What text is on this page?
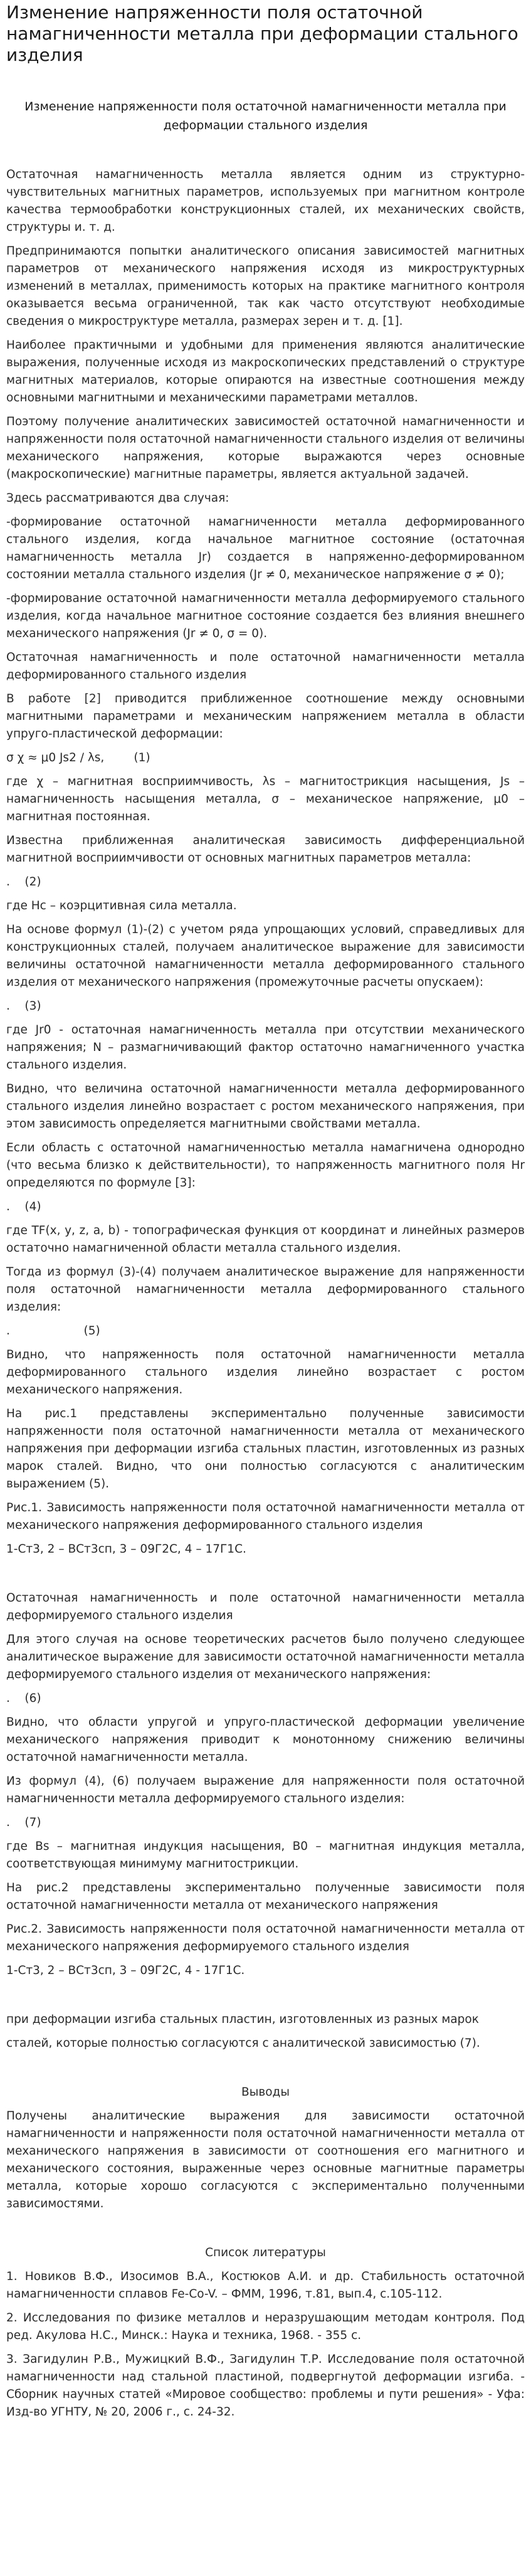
Изменение напряженности поля остаточной намагниченности металла при деформации стального изделия
Изменение напряженности поля остаточной намагниченности металла при деформации стального изделия

Остаточная намагниченность металла является одним из структурно-чувствительных магнитных параметров, используемых при магнитном контроле качества термообработки конструкционных сталей, их механических свойств, структуры и. т. д.

Предпринимаются попытки аналитического описания зависимостей магнитных параметров от механического напряжения исходя из микроструктурных изменений в металлах, применимость которых на практике магнитного контроля оказывается весьма ограниченной, так как часто отсутствуют необходимые сведения о микроструктуре металла, размерах зерен и т. д. [1].

Наиболее практичными и удобными для применения являются аналитические выражения, полученные исходя из макроскопических представлений о структуре магнитных материалов, которые опираются на известные соотношения между основными магнитными и механическими параметрами металлов.

Поэтому получение аналитических зависимостей остаточной намагниченности и напряженности поля остаточной намагниченности стального изделия от величины механического напряжения, которые выражаются через основные (макроскопические) магнитные параметры, является актуальной задачей.

Здесь рассматриваются два случая:

-формирование остаточной намагниченности металла деформированного стального изделия, когда начальное магнитное состояние (остаточная намагниченность металла Jr) создается в напряженно-деформированном состоянии металла стального изделия (Jr ≠ 0, механическое напряжение σ ≠ 0);

-формирование остаточной намагниченности металла деформируемого стального изделия, когда начальное магнитное состояние создается без влияния внешнего механического напряжения (Jr ≠ 0, σ = 0).

Остаточная намагниченность и поле остаточной намагниченности металла деформированного стального изделия

В работе [2] приводится приближенное соотношение между основными магнитными параметрами и механическим напряжением металла в области упруго-пластической деформации:

σ χ ≈ μ0 Js2 / λs,        (1)

где χ – магнитная восприимчивость, λs – магнитострикция насыщения, Js – намагниченность насыщения металла, σ – механическое напряжение, μ0 – магнитная постоянная.

Известна приближенная аналитическая зависимость дифференциальной магнитной восприимчивости от основных магнитных параметров металла:

.    (2)

где Hc – коэрцитивная сила металла.

На основе формул (1)-(2) с учетом ряда упрощающих условий, справедливых для конструкционных сталей, получаем аналитическое выражение для зависимости величины остаточной намагниченности металла деформированного стального изделия от механического напряжения (промежуточные расчеты опускаем):

.    (3)

где Jr0 - остаточная намагниченность металла при отсутствии механического напряжения; N – размагничивающий фактор остаточно намагниченного участка стального изделия.

Видно, что величина остаточной намагниченности металла деформированного стального изделия линейно возрастает с ростом механического напряжения, при этом зависимость определяется магнитными свойствами металла.

Если область с остаточной намагниченностью металла намагничена однородно (что весьма близко к действительности), то напряженность магнитного поля Hr определяются по формуле [3]:

.    (4)

где TF(x, y, z, a, b) - топографическая функция от координат и линейных размеров остаточно намагниченной области металла стального изделия.

Тогда из формул (3)-(4) получаем аналитическое выражение для напряженности поля остаточной намагниченности металла деформированного стального изделия:

.                    (5)

Видно, что напряженность поля остаточной намагниченности металла деформированного стального изделия линейно возрастает с ростом механического напряжения.

На рис.1 представлены экспериментально полученные зависимости напряженности поля остаточной намагниченности металла от механического напряжения при деформации изгиба стальных пластин, изготовленных из разных марок сталей. Видно, что они полностью согласуются с аналитическим выражением (5).

Рис.1. Зависимость напряженности поля остаточной намагниченности металла от механического напряжения деформированного стального изделия

1-Ст3, 2 – ВСт3сп, 3 – 09Г2С, 4 – 17Г1С.

Остаточная намагниченность и поле остаточной намагниченности металла деформируемого стального изделия

Для этого случая на основе теоретических расчетов было получено следующее аналитическое выражение для зависимости остаточной намагниченности металла деформируемого стального изделия от механического напряжения:

.    (6)

Видно, что области упругой и упруго-пластической деформации увеличение механического напряжения приводит к монотонному снижению величины остаточной намагниченности металла.

Из формул (4), (6) получаем выражение для напряженности поля остаточной намагниченности металла деформируемого стального изделия:

.    (7)

где Bs – магнитная индукция насыщения, B0 – магнитная индукция металла, соответствующая минимуму магнитострикции.

На рис.2 представлены экспериментально полученные зависимости поля остаточной намагниченности металла от механического напряжения

Рис.2. Зависимость напряженности поля остаточной намагниченности металла от механического напряжения деформируемого стального изделия

1-Ст3, 2 – ВСт3сп, 3 – 09Г2С, 4 - 17Г1С.

при деформации изгиба стальных пластин, изготовленных из разных марок

сталей, которые полностью согласуются с аналитической зависимостью (7).

Выводы

Получены аналитические выражения для зависимости остаточной намагниченности и напряженности поля остаточной намагниченности металла от механического напряжения в зависимости от соотношения его магнитного и механического состояния, выраженные через основные магнитные параметры металла, которые хорошо согласуются с экспериментально полученными зависимостями.

Список литературы

1. Новиков В.Ф., Изосимов В.А., Костюков А.И. и др. Стабильность остаточной намагниченности сплавов Fe-Co-V. – ФММ, 1996, т.81, вып.4, с.105-112.

2. Исследования по физике металлов и неразрушающим методам контроля. Под ред. Акулова Н.С., Минск.: Наука и техника, 1968. - 355 с.

3. Загидулин Р.В., Мужицкий В.Ф., Загидулин Т.Р. Исследование поля остаточной намагниченности над стальной пластиной, подвергнутой деформации изгиба. - Сборник научных статей «Мировое сообщество: проблемы и пути решения» - Уфа: Изд-во УГНТУ, № 20, 2006 г., с. 24-32.
